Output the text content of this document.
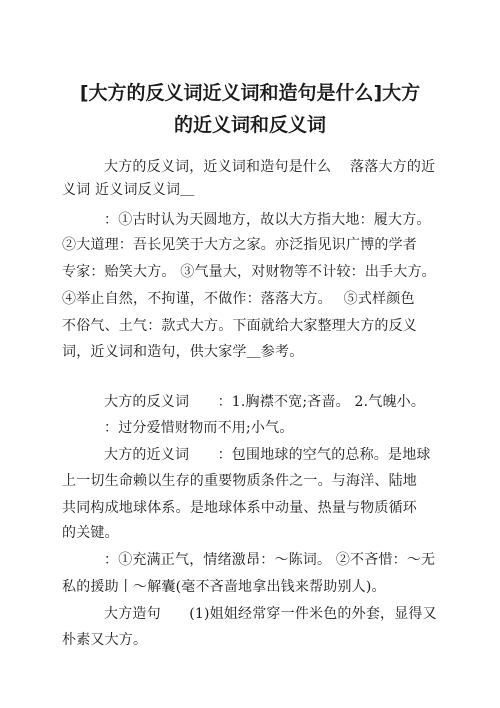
[大方的反义词近义词和造句是什么]大方
的近义词和反义词
大方的反义词，近义词和造句是什么　 落落大方的近
义词 近义词反义词＿
：①古时认为天圆地方，故以大方指大地：履大方。
②大道理：吾长见笑于大方之家。亦泛指见识广博的学者
专家：贻笑大方。 ③气量大，对财物等不计较：出手大方。
④举止自然，不拘谨，不做作：落落大方。　 ⑤式样颜色
不俗气、土气：款式大方。下面就给大家整理大方的反义
词，近义词和造句，供大家学＿参考。
大方的反义词　　：1.胸襟不宽;吝啬。 2.气魄小。
：过分爱惜财物而不用;小气。
大方的近义词　　：包围地球的空气的总称。是地球
上一切生命赖以生存的重要物质条件之一。与海洋、陆地
共同构成地球体系。是地球体系中动量、热量与物质循环
的关键。
：①充满正气，情绪激昂：～陈词。 ②不吝惜：～无
私的援助丨～解囊(毫不吝啬地拿出钱来帮助别人)。
大方造句　　(1)姐姐经常穿一件米色的外套，显得又
朴素又大方。
